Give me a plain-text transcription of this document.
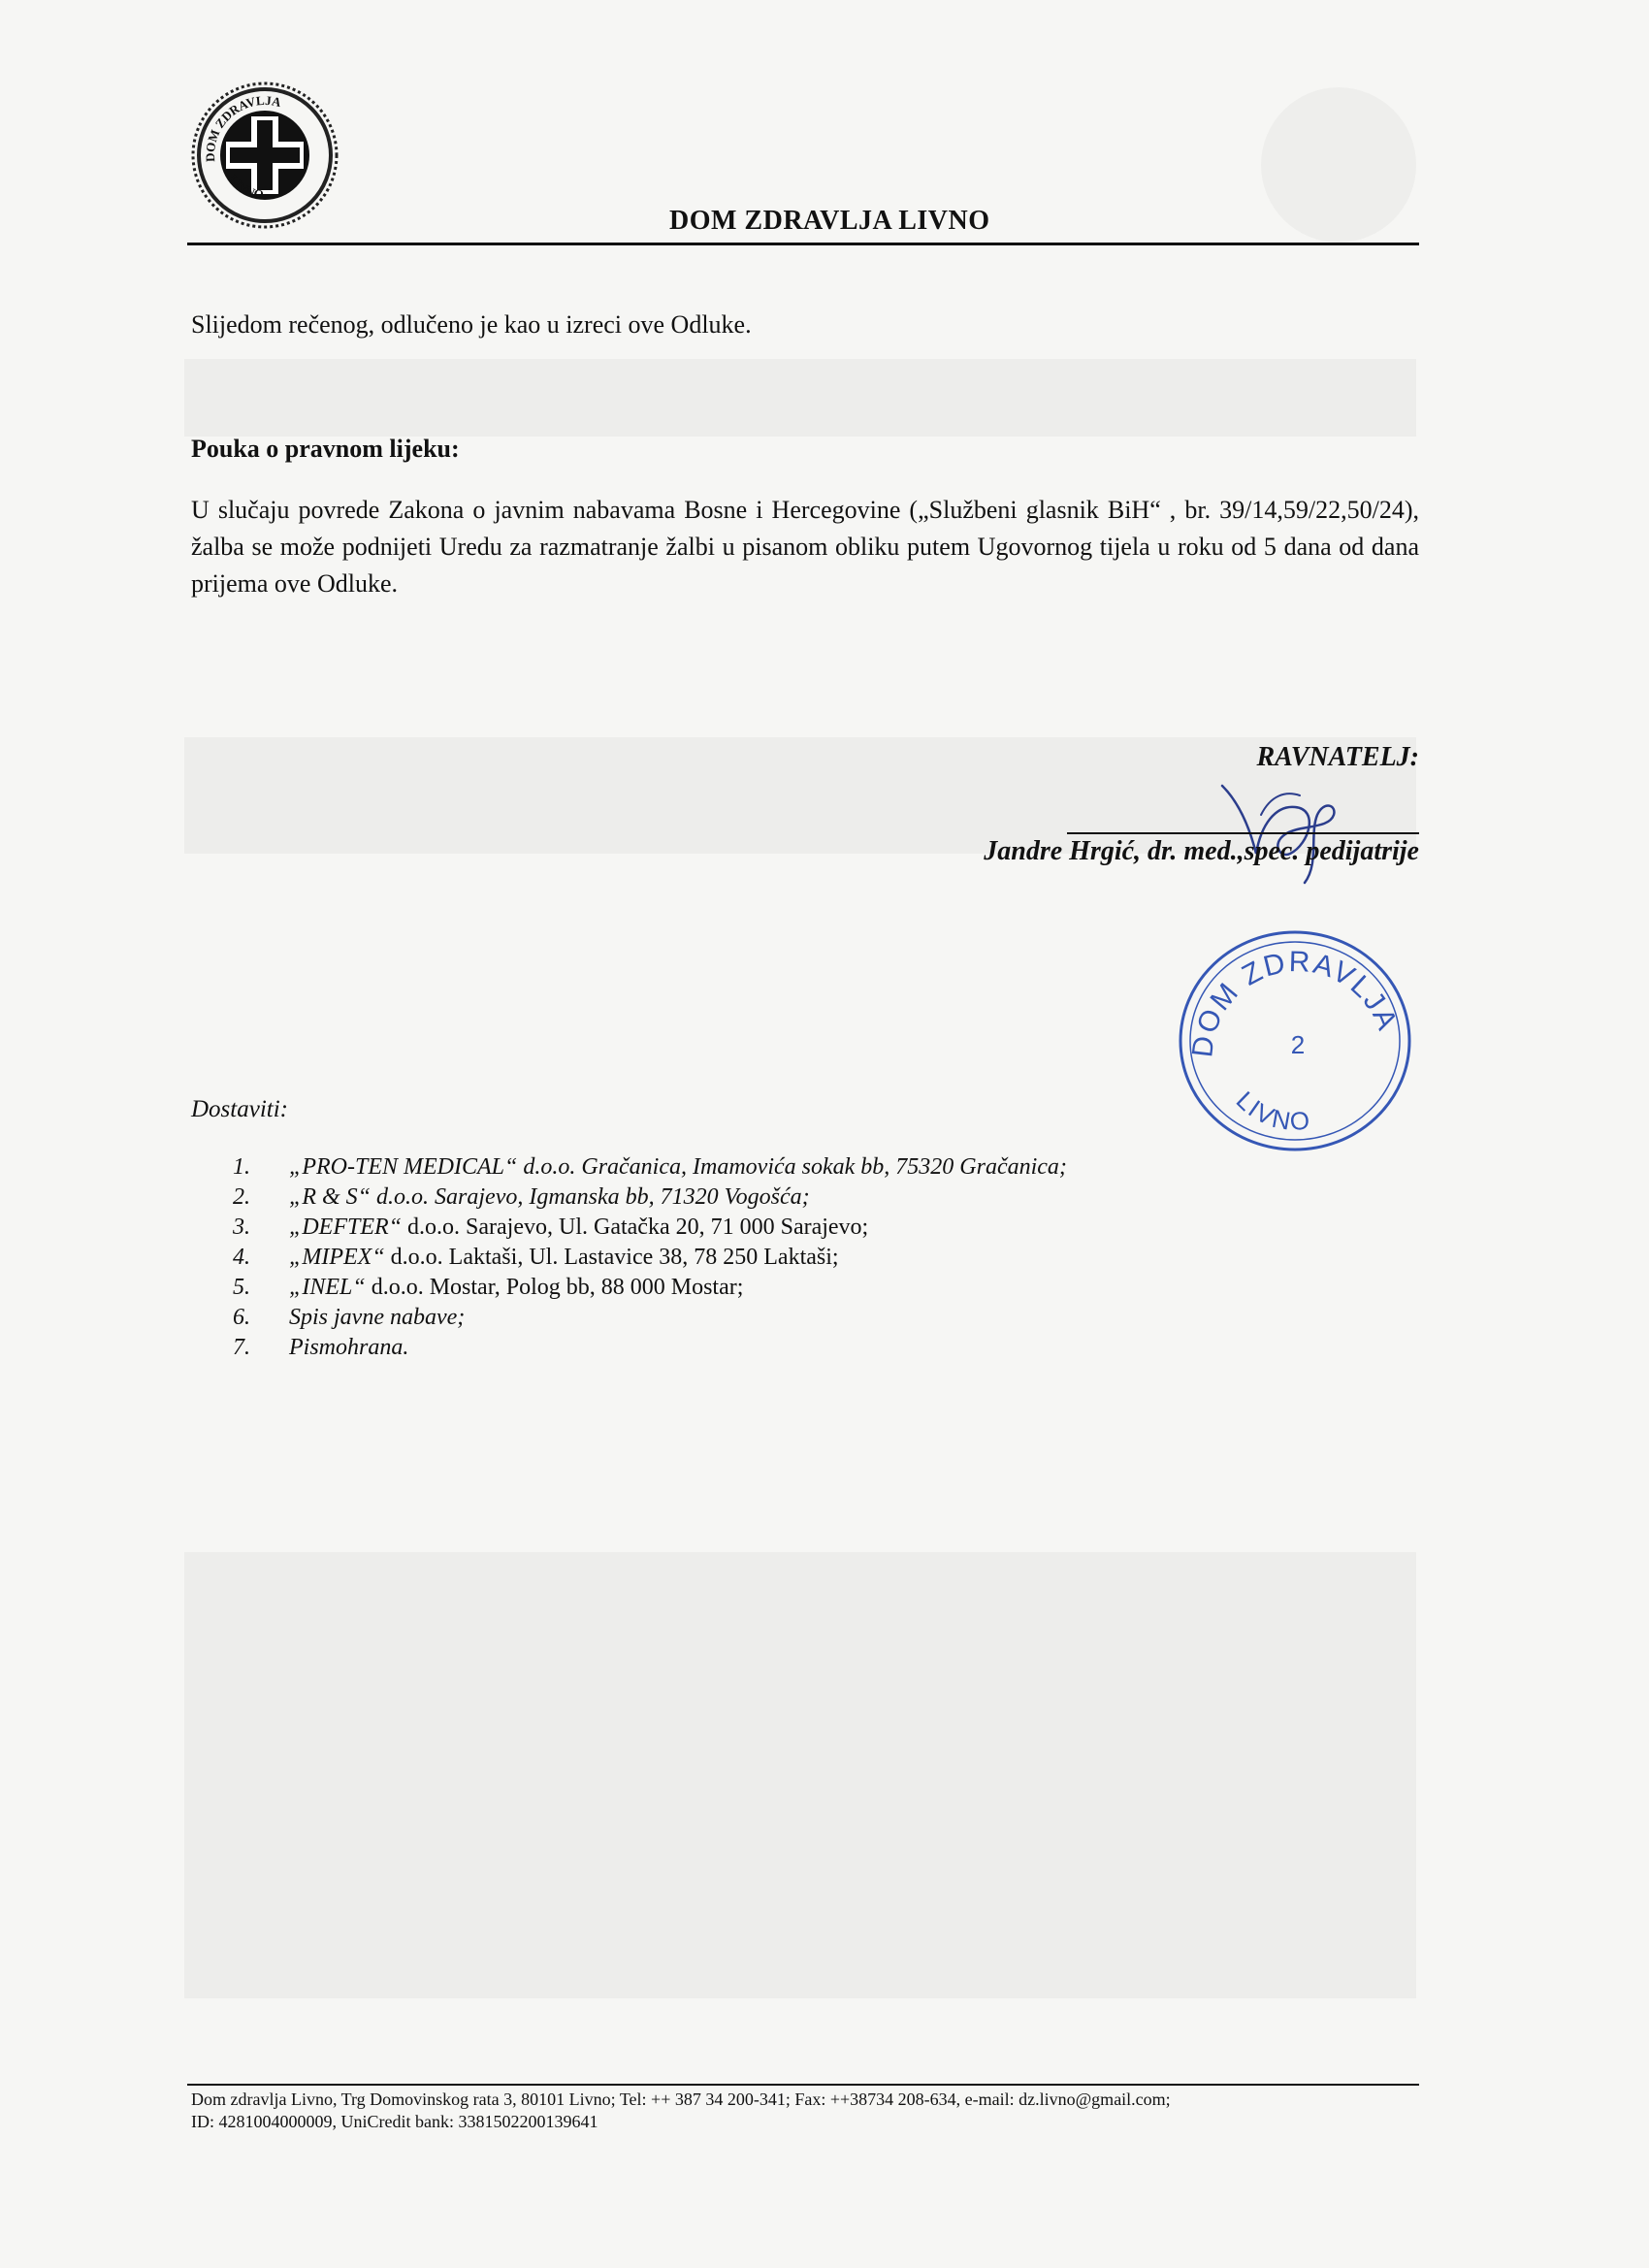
DOM ZDRAVLJA
LIVNO
DOM ZDRAVLJA LIVNO
Slijedom rečenog, odlučeno je kao u izreci ove Odluke.
Pouka o pravnom lijeku:
U slučaju povrede Zakona o javnim nabavama Bosne i Hercegovine („Službeni glasnik BiH“ , br. 39/14,59/22,50/24), žalba se može podnijeti Uredu za razmatranje žalbi u pisanom obliku putem Ugovornog tijela u roku od 5 dana od dana prijema ove Odluke.
RAVNATELJ:
Jandre Hrgić, dr. med.,spec. pedijatrije
DOM ZDRAVLJA
LIVNO
2
Dostaviti:
1.	„PRO-TEN MEDICAL“ d.o.o. Gračanica, Imamovića sokak bb, 75320 Gračanica;
2.	„R & S“ d.o.o. Sarajevo, Igmanska bb, 71320 Vogošća;
3.	„DEFTER“ d.o.o. Sarajevo, Ul. Gatačka 20, 71 000 Sarajevo;
4.	„MIPEX“ d.o.o. Laktaši, Ul. Lastavice 38, 78 250 Laktaši;
5.	„INEL“ d.o.o. Mostar, Polog bb, 88 000 Mostar;
6.	Spis javne nabave;
7.	Pismohrana.
Dom zdravlja Livno, Trg Domovinskog rata 3, 80101 Livno; Tel: ++ 387 34 200-341; Fax: ++38734 208-634, e-mail: dz.livno@gmail.com;
ID: 4281004000009, UniCredit bank: 3381502200139641
